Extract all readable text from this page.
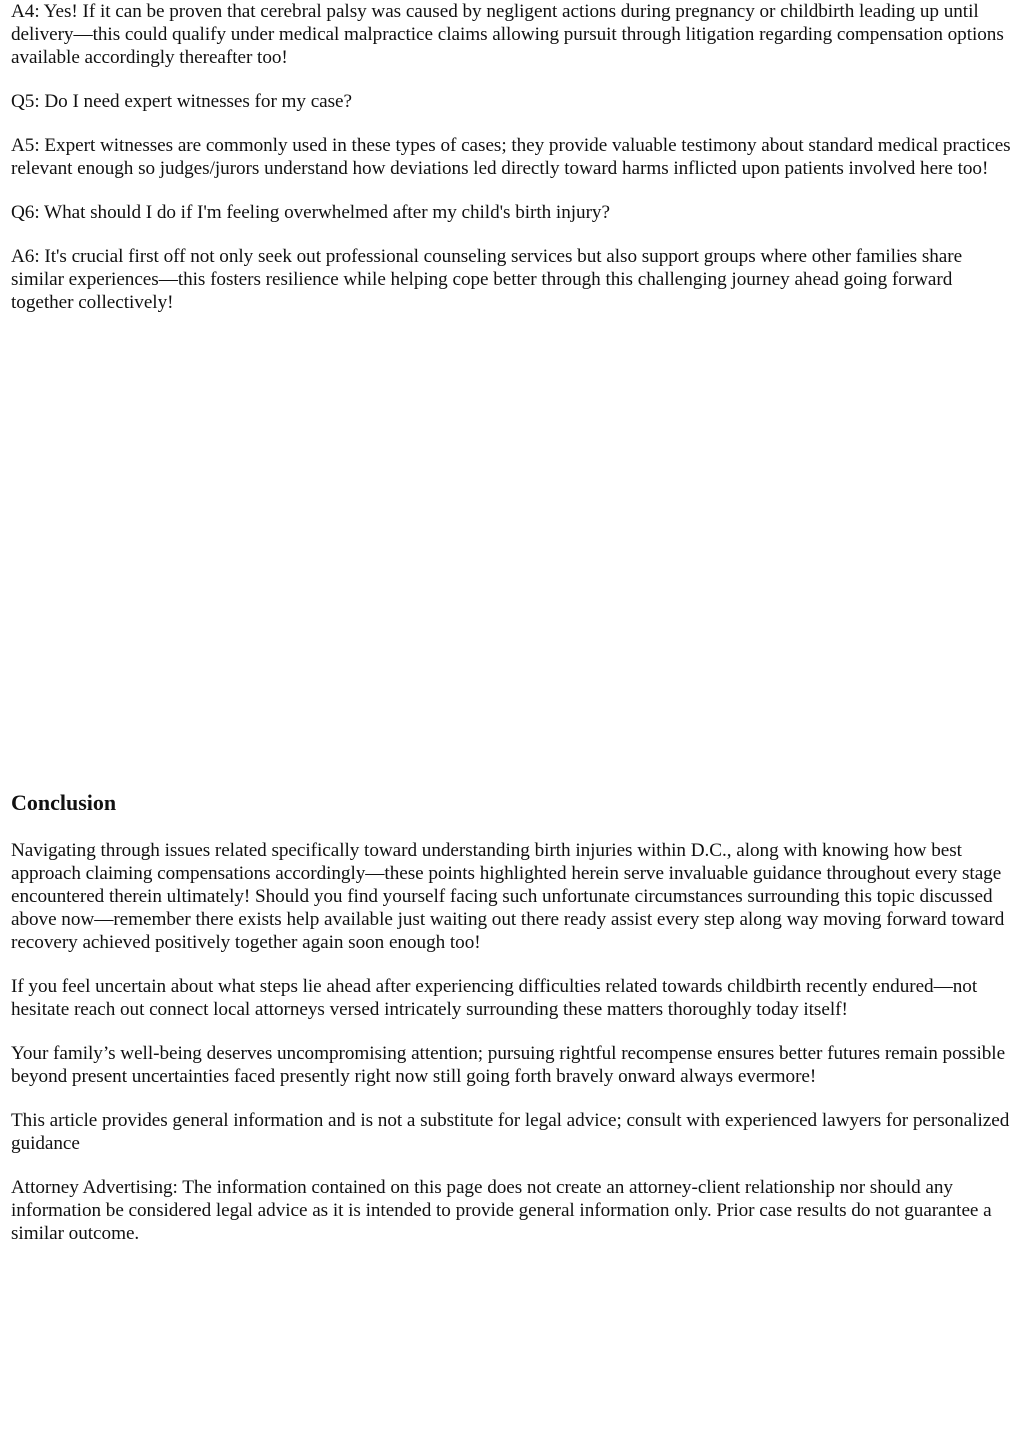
A4: Yes! If it can be proven that cerebral palsy was caused by negligent actions during pregnancy or childbirth leading up until delivery—this could qualify under medical malpractice claims allowing pursuit through litigation regarding compensation options available accordingly thereafter too!

Q5: Do I need expert witnesses for my case?

A5: Expert witnesses are commonly used in these types of cases; they provide valuable testimony about standard medical practices relevant enough so judges/jurors understand how deviations led directly toward harms inflicted upon patients involved here too!

Q6: What should I do if I'm feeling overwhelmed after my child's birth injury?

A6: It's crucial first off not only seek out professional counseling services but also support groups where other families share similar experiences—this fosters resilience while helping cope better through this challenging journey ahead going forward together collectively!

Conclusion

Navigating through issues related specifically toward understanding birth injuries within D.C., along with knowing how best approach claiming compensations accordingly—these points highlighted herein serve invaluable guidance throughout every stage encountered therein ultimately! Should you find yourself facing such unfortunate circumstances surrounding this topic discussed above now—remember there exists help available just waiting out there ready assist every step along way moving forward toward recovery achieved positively together again soon enough too!

If you feel uncertain about what steps lie ahead after experiencing difficulties related towards childbirth recently endured—not hesitate reach out connect local attorneys versed intricately surrounding these matters thoroughly today itself!

Your family’s well-being deserves uncompromising attention; pursuing rightful recompense ensures better futures remain possible beyond present uncertainties faced presently right now still going forth bravely onward always evermore!

This article provides general information and is not a substitute for legal advice; consult with experienced lawyers for personalized guidance

Attorney Advertising: The information contained on this page does not create an attorney-client relationship nor should any information be considered legal advice as it is intended to provide general information only. Prior case results do not guarantee a similar outcome.
